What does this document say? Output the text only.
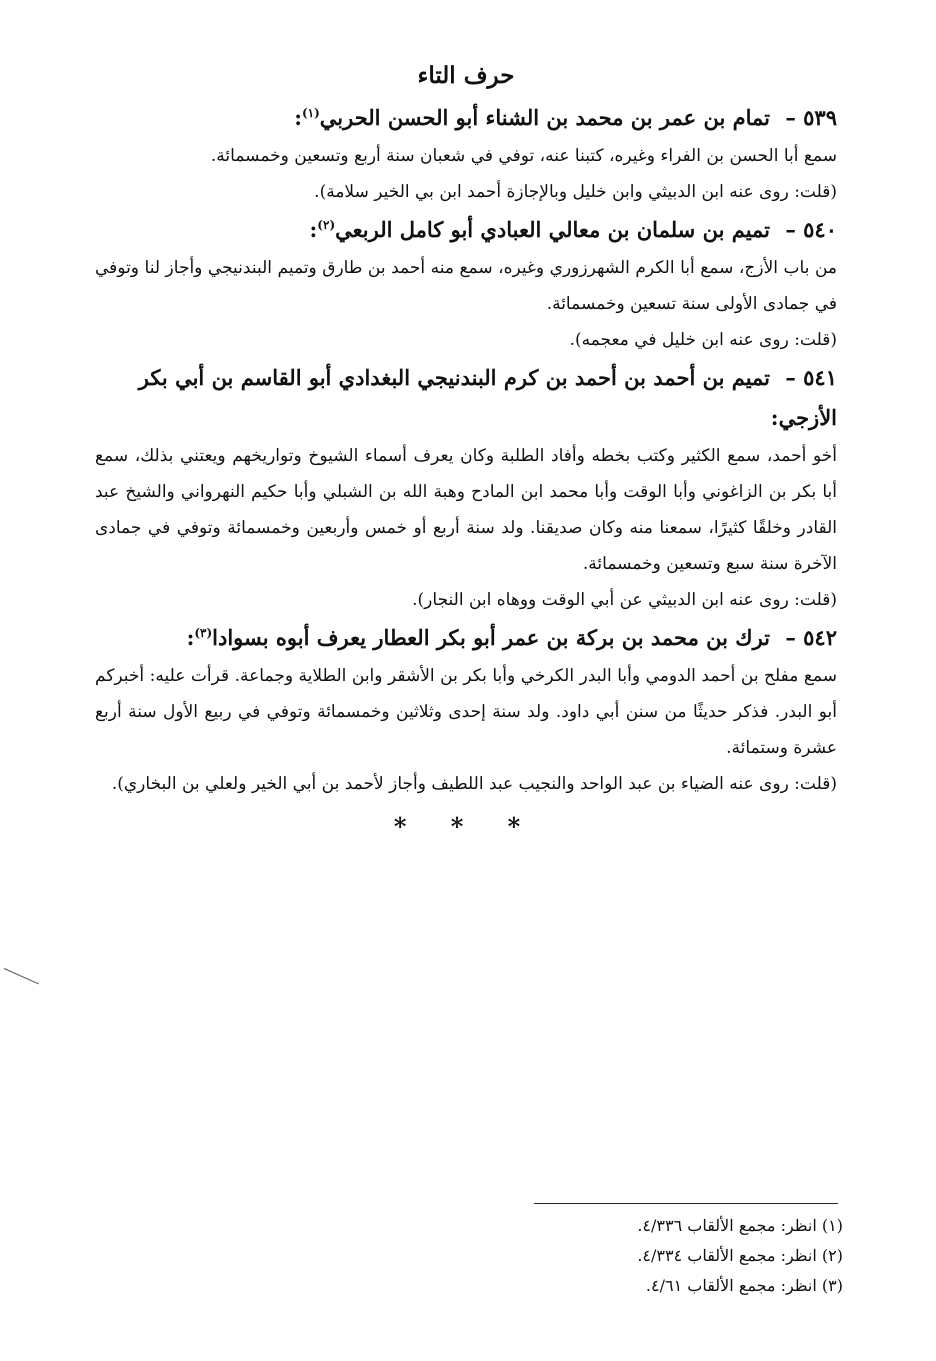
حرف التاء
٥٣٩ – تمام بن عمر بن محمد بن الشناء أبو الحسن الحربي$^{(١)}$:
سمع أبا الحسن بن الفراء وغيره، كتبنا عنه، توفي في شعبان سنة أربع وتسعين وخمسمائة.
(قلت: روى عنه ابن الدبيثي وابن خليل وبالإجازة أحمد ابن بي الخير سلامة).
٥٤٠ – تميم بن سلمان بن معالي العبادي أبو كامل الربعي$^{(٢)}$:
من باب الأزج، سمع أبا الكرم الشهرزوري وغيره، سمع منه أحمد بن طارق وتميم البندنيجي وأجاز لنا وتوفي في جمادى الأولى سنة تسعين وخمسمائة.
(قلت: روى عنه ابن خليل في معجمه).
٥٤١ – تميم بن أحمد بن أحمد بن كرم البندنيجي البغدادي أبو القاسم بن أبي بكر الأزجي:
أخو أحمد، سمع الكثير وكتب بخطه وأفاد الطلبة وكان يعرف أسماء الشيوخ وتواريخهم ويعتني بذلك، سمع أبا بكر بن الزاغوني وأبا الوقت وأبا محمد ابن المادح وهبة الله بن الشبلي وأبا حكيم النهرواني والشيخ عبد القادر وخلقًا كثيرًا، سمعنا منه وكان صديقنا. ولد سنة أربع أو خمس وأربعين وخمسمائة وتوفي في جمادى الآخرة سنة سبع وتسعين وخمسمائة.
(قلت: روى عنه ابن الدبيثي عن أبي الوقت ووهاه ابن النجار).
٥٤٢ – ترك بن محمد بن بركة بن عمر أبو بكر العطار يعرف أبوه بسوادا$^{(٣)}$:
سمع مفلح بن أحمد الدومي وأبا البدر الكرخي وأبا بكر بن الأشقر وابن الطلاية وجماعة. قرأت عليه: أخبركم أبو البدر. فذكر حديثًا من سنن أبي داود. ولد سنة إحدى وثلاثين وخمسمائة وتوفي في ربيع الأول سنة أربع عشرة وستمائة.
(قلت: روى عنه الضياء بن عبد الواحد والنجيب عبد اللطيف وأجاز لأحمد بن أبي الخير ولعلي بن البخاري).
* * *
(١) انظر: مجمع الألقاب ٤/٣٣٦.
(٢) انظر: مجمع الألقاب ٤/٣٣٤.
(٣) انظر: مجمع الألقاب ٤/٦١.
